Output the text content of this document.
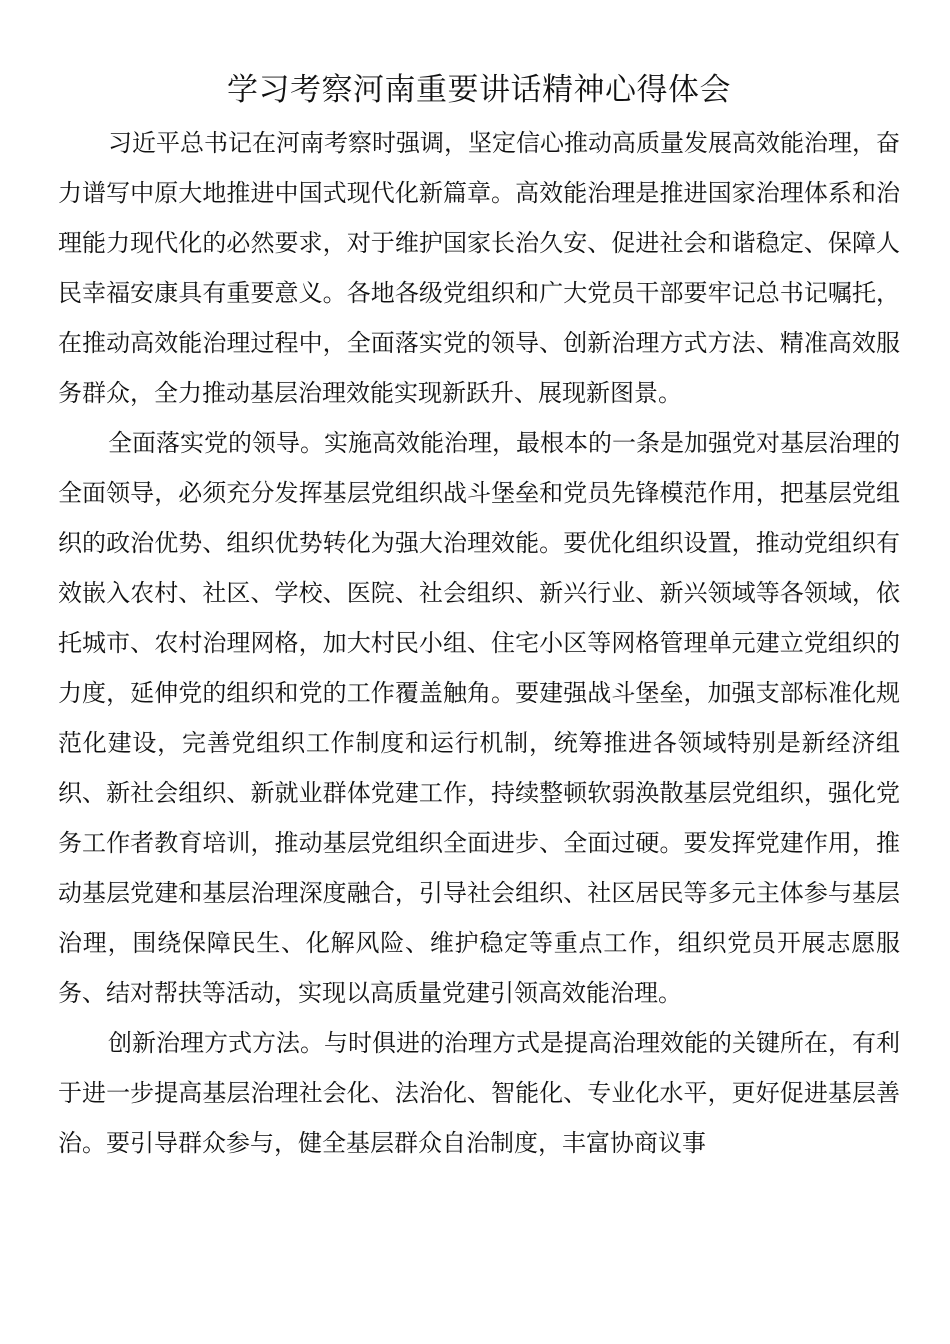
学习考察河南重要讲话精神心得体会

习近平总书记在河南考察时强调，坚定信心推动高质量发展高效能治理，奋力谱写中原大地推进中国式现代化新篇章。高效能治理是推进国家治理体系和治理能力现代化的必然要求，对于维护国家长治久安、促进社会和谐稳定、保障人民幸福安康具有重要意义。各地各级党组织和广大党员干部要牢记总书记嘱托，在推动高效能治理过程中，全面落实党的领导、创新治理方式方法、精准高效服务群众，全力推动基层治理效能实现新跃升、展现新图景。

全面落实党的领导。实施高效能治理，最根本的一条是加强党对基层治理的全面领导，必须充分发挥基层党组织战斗堡垒和党员先锋模范作用，把基层党组织的政治优势、组织优势转化为强大治理效能。要优化组织设置，推动党组织有效嵌入农村、社区、学校、医院、社会组织、新兴行业、新兴领域等各领域，依托城市、农村治理网格，加大村民小组、住宅小区等网格管理单元建立党组织的力度，延伸党的组织和党的工作覆盖触角。要建强战斗堡垒，加强支部标准化规范化建设，完善党组织工作制度和运行机制，统筹推进各领域特别是新经济组织、新社会组织、新就业群体党建工作，持续整顿软弱涣散基层党组织，强化党务工作者教育培训，推动基层党组织全面进步、全面过硬。要发挥党建作用，推动基层党建和基层治理深度融合，引导社会组织、社区居民等多元主体参与基层治理，围绕保障民生、化解风险、维护稳定等重点工作，组织党员开展志愿服务、结对帮扶等活动，实现以高质量党建引领高效能治理。

创新治理方式方法。与时俱进的治理方式是提高治理效能的关键所在，有利于进一步提高基层治理社会化、法治化、智能化、专业化水平，更好促进基层善治。要引导群众参与，健全基层群众自治制度，丰富协商议事
